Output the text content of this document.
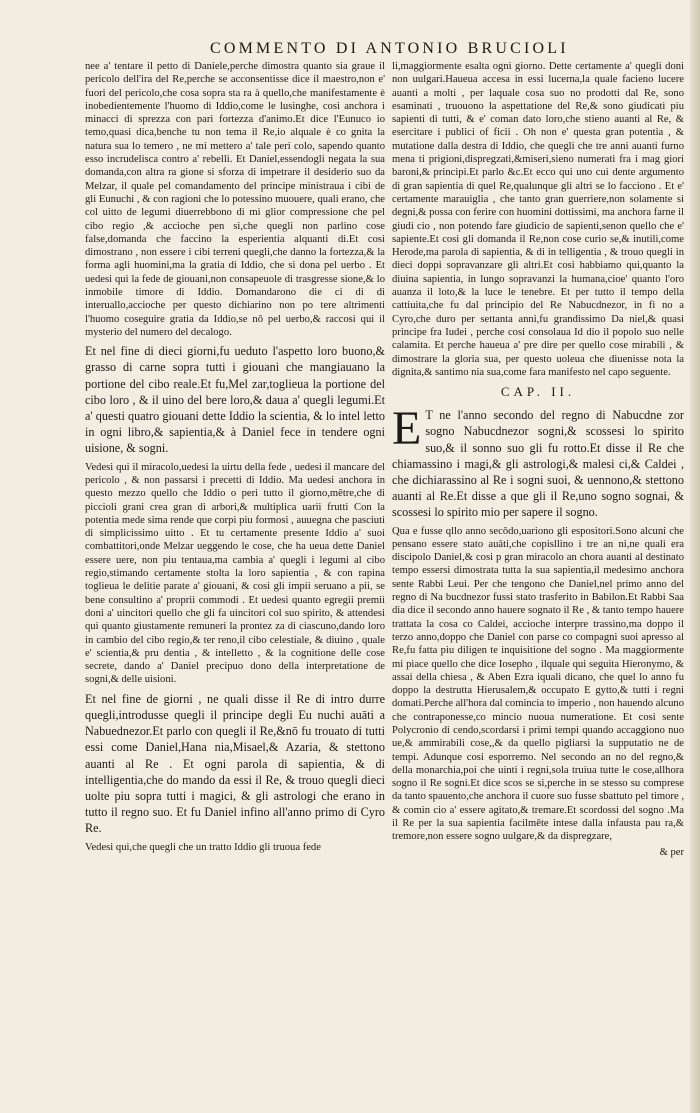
COMMENTO DI ANTONIO BRUCIOLI

nee a' tentare il petto di Daniele,perche dimostra quanto sia graue il pericolo dell'ira del Re,perche se acconsentisse dice il maestro,non e' fuori del pericolo,che cosa sopra sta ra à quello,che manifestamente è inobedientemente l'huomo di Iddio,come le lusinghe, cosi anchora i minacci di sprezza con pari fortezza d'animo.Et dice l'Eunuco io temo,quasi dica,benche tu non tema il Re,io alquale è co gnita la natura sua lo temero , ne mi mettero a' tale peri colo, sapendo quanto esso incrudelisca contro a' rebelli. Et Daniel,essendogli negata la sua domanda,con altra ra gione si sforza di impetrare il desiderio suo da Melzar, il quale pel comandamento del principe ministraua i cibi de gli Eunuchi , & con ragioni che lo potessino muouere, quali erano, che col uitto de legumi diuerrebbono di mi glior compressione che pel cibo regio ,& accioche pen si,che quegli non parlino cose false,domanda che faccino la esperientia alquanti di.Et cosi dimostrano , non essere i cibi terreni quegli,che danno la fortezza,& la forma agli huomini,ma la gratia di Iddio, che si dona pel uerbo . Et uedesi qui la fede de giouani,non consapeuole di trasgresse sione,& lo inmobile timore di Iddio. Domandarono die ci di di interuallo,accioche per questo dichiarino non po tere altrimenti l'huomo coseguire gratia da Iddio,se nō pel uerbo,& raccosi qui il mysterio del numero del decalogo.

Et nel fine di dieci giorni,fu ueduto l'aspetto loro buono,& grasso di carne sopra tutti i giouani che mangiauano la portione del cibo reale.Et fu,Mel zar,toglieua la portione del cibo loro , & il uino del bere loro,& daua a' quegli legumi.Et a' questi quatro giouani dette Iddio la scientia, & lo intel letto in ogni libro,& sapientia,& à Daniel fece in tendere ogni uisione, & sogni.

Vedesi qui il miracolo,uedesi la uirtu della fede , uedesi il mancare del pericolo , & non passarsi i precetti di Iddio. Ma uedesi anchora in questo mezzo quello che Iddio o peri tutto il giorno,mētre,che di piccioli grani crea gran di arbori,& multiplica uarii frutti Con la potentia mede sima rende que corpi piu formosi , auuegna che pasciuti di simplicissimo uitto . Et tu certamente presente Iddio a' suoi combattitori,onde Melzar ueggendo le cose, che ha ueua dette Daniel essere uere, non piu tentaua,ma cambia a' quegli i legumi al cibo regio,stimando certamente stolta la loro sapientia , & con rapina toglieua le delitie parate a' giouani, & cosi gli impii seruano a pii, se bene consultino a' proprii commodi . Et uedesi quanto egregii premii doni a' uincitori quello che gli fa uincitori col suo spirito, & attendesi qui quanto giustamente remuneri la prontez za di ciascuno,dando loro in cambio del cibo regio,& ter reno,il cibo celestiale, & diuino , quale e' scientia,& pru dentia , & intelletto , & la cognitione delle cose secrete, dando a' Daniel precipuo dono della interpretatione de sogni,& delle uisioni.

Et nel fine de giorni , ne quali disse il Re di intro durre quegli,introdusse quegli il principe degli Eu nuchi auāti a Nabuednezor.Et parlo con quegli il Re,&nō fu trouato di tutti essi come Daniel,Hana nia,Misael,& Azaria, & stettono auanti al Re . Et ogni parola di sapientia, & di intelligentia,che do mando da essi il Re, & trouo quegli dieci uolte piu sopra tutti i magici, & gli astrologi che erano in tutto il regno suo. Et fu Daniel infino all'anno primo di Cyro Re.

Vedesi qui,che quegli che un tratto Iddio gli truoua fede

li,maggiormente esalta ogni giorno. Dette certamente a' quegli doni non uulgari.Haueua accesa in essi lucerna,la quale facieno lucere auanti a molti , per laquale cosa suo no prodotti dal Re, sono esaminati , truouono la aspettatione del Re,& sono giudicati piu sapienti di tutti, & e' coman dato loro,che stieno auanti al Re, & esercitare i publici of ficii . Oh non e' questa gran potentia , & mutatione dalla destra di Iddio, che quegli che tre anni auanti furno mena ti prigioni,dispregzati,&miseri,sieno numerati fra i mag giori baroni,& principi.Et parlo &c.Et ecco qui uno cui dente argumento di gran sapientia di quel Re,qualunque gli altri se lo facciono . Et e' certamente marauiglia , che tanto gran guerriere,non solamente si degni,& possa con ferire con huomini dottissimi, ma anchora farne il giudi cio , non potendo fare giudicio de sapienti,senon quello che e' sapiente.Et cosi gli domanda il Re,non cose curio se,& inutili,come Herode,ma parola di sapientia, & di in telligentia , & trouo quegli in dieci doppi sopravanzare gli altri.Et cosi habbiamo qui,quanto la diuina sapientia, in lungo sopravanzi la humana,cioe' quanto l'oro auanza il loto,& la luce le tenebre. Et per tutto il tempo della cattiuita,che fu dal principio del Re Nabucdnezor, in fi no a Cyro,che duro per settanta anni,fu grandissimo Da niel,& quasi principe fra Iudei , perche cosi consolaua Id dio il popolo suo nelle calamita. Et perche haueua a' pre dire per quello cose mirabili , & dimostrare la gloria sua, per questo uoleua che diuenisse nota la dignita,& santimo nia sua,come fara manifesto nel capo seguente.

CAP. II.

E T ne l'anno secondo del regno di Nabucdne zor sogno Nabucdnezor sogni,& scossesi lo spirito suo,& il sonno suo gli fu rotto.Et disse il Re che chiamassino i magi,& gli astrologi,& malesi ci,& Caldei , che dichiarassino al Re i sogni suoi, & uennono,& stettono auanti al Re.Et disse a que gli il Re,uno sogno sognai, & scossesi lo spirito mio per sapere il sogno.

Qua e fusse qllo anno secōdo,uariono gli espositori.Sono alcuni che pensano essere stato auāti,che copisllino i tre an ni,ne quali era discipolo Daniel,& cosi p gran miracolo an chora auanti al destinato tempo essersi dimostrata tutta la sua sapientia,il medesimo anchora sente Rabbi Leui. Per che tengono che Daniel,nel primo anno del regno di Na bucdnezor fussi stato trasferito in Babilon.Et Rabbi Saa dia dice il secondo anno hauere sognato il Re , & tanto tempo hauere trattata la cosa co Caldei, accioche interpre trassino,ma doppo il terzo anno,doppo che Daniel con parse co compagni suoi apresso al Re,fu fatta piu diligen te inquisitione del sogno . Ma maggiormente mi piace quello che dice Iosepho , ilquale qui seguita Hieronymo, & assai della chiesa , & Aben Ezra iquali dicano, che quel lo anno fu doppo la destrutta Hierusalem,& occupato E gytto,& tutti i regni domati.Perche all'hora dal comincia to imperio , non hauendo alcuno che contraponesse,co mincio nuoua numeratione. Et cosi sente Polycronio di cendo,scordarsi i primi tempi quando accaggiono nuo ue,& ammirabili cose,,& da quello pigliarsi la supputatio ne de tempi. Adunque cosi esporremo. Nel secondo an no del regno,& della monarchia,poi che uinti i regni,sola truiua tutte le cose,allhora sogno il Re sogni.Et dice scos se si,perche in se stesso su comprese da tanto spauento,che anchora il cuore suo fusse sbattuto pel timore , & comin cio a' essere agitato,& tremare.Et scordossi del sogno .Ma il Re per la sua sapientia facilmēte intese dalla infausta pau ra,& tremore,non essere sogno uulgare,& da dispregzare,

& per
